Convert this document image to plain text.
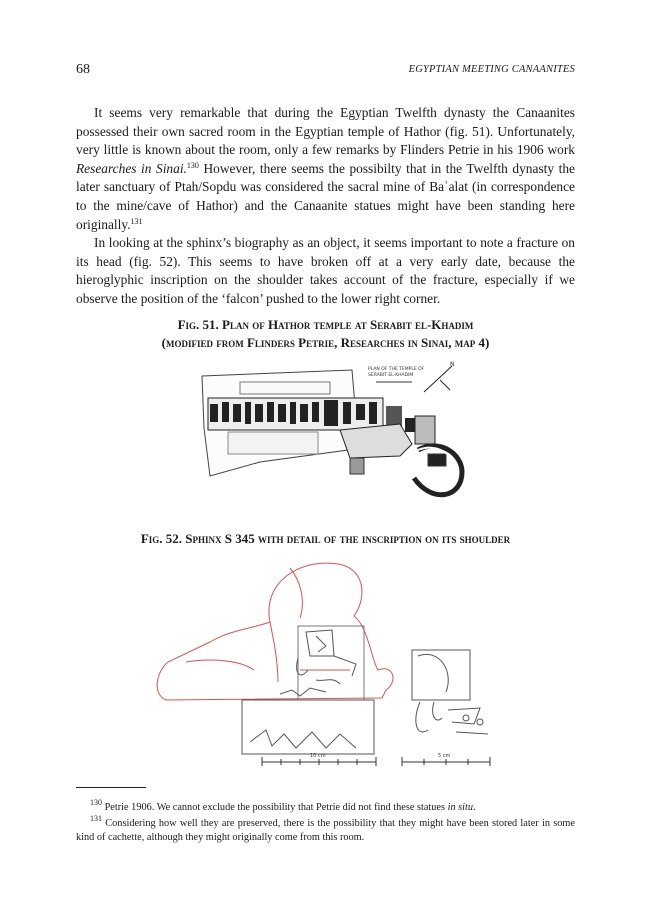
68	EGYPTIAN MEETING CANAANITES

It seems very remarkable that during the Egyptian Twelfth dynasty the Canaanites possessed their own sacred room in the Egyptian temple of Hathor (fig. 51). Unfortunately, very little is known about the room, only a few remarks by Flinders Petrie in his 1906 work Researches in Sinai.$^{130}$ However, there seems the possibilty that in the Twelfth dynasty the later sanctuary of Ptah/Sopdu was considered the sacral mine of Baʿalat (in correspondence to the mine/cave of Hathor) and the Canaanite statues might have been standing here originally.$^{131}$

In looking at the sphinx’s biography as an object, it seems important to note a fracture on its head (fig. 52). This seems to have broken off at a very early date, because the hieroglyphic inscription on the shoulder takes account of the fracture, especially if we observe the position of the ‘falcon’ pushed to the lower right corner.

Fig. 51. Plan of Hathor temple at Serabit el-Khadim
(modified from Flinders Petrie, Researches in Sinai, map 4)
PLAN OF THE TEMPLE OF
SERABIT EL-KHADIM
N
Fig. 52. Sphinx S 345 with detail of the inscription on its shoulder
10 cm	5 cm
$^{130}$ Petrie 1906. We cannot exclude the possibility that Petrie did not find these statues in situ.
$^{131}$ Considering how well they are preserved, there is the possibility that they might have been stored later in some kind of cachette, although they might originally come from this room.
